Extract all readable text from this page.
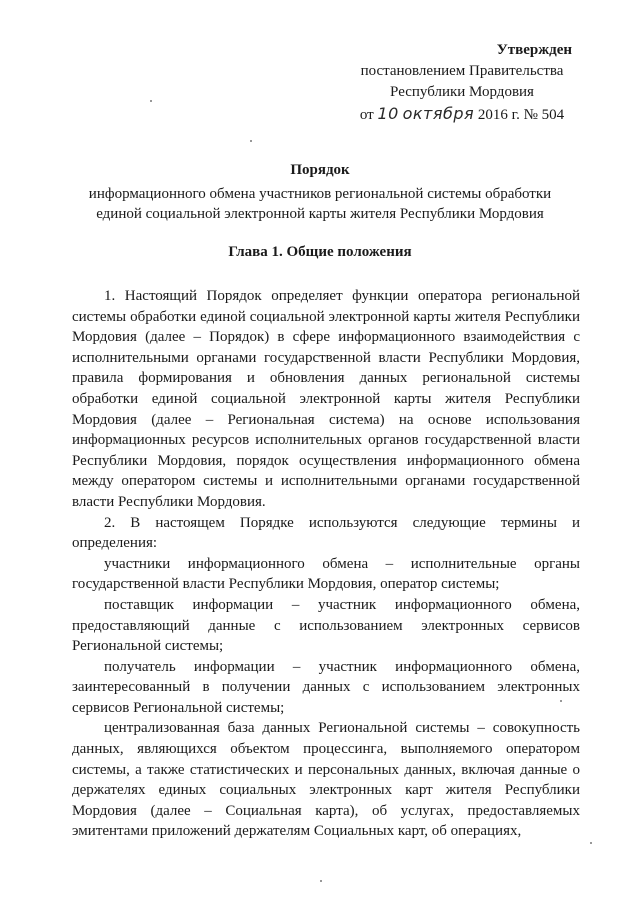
Утвержден
постановлением Правительства
Республики Мордовия
от 10 октября 2016 г. № 504
Порядок
информационного обмена участников региональной системы обработки
единой социальной электронной карты жителя Республики Мордовия
Глава 1. Общие положения

1. Настоящий Порядок определяет функции оператора региональной системы обработки единой социальной электронной карты жителя Республики Мордовия (далее – Порядок) в сфере информационного взаимодействия с исполнительными органами государственной власти Республики Мордовия, правила формирования и обновления данных региональной системы обработки единой социальной электронной карты жителя Республики Мордовия (далее – Региональная система) на основе использования информационных ресурсов исполнительных органов государственной власти Республики Мордовия, порядок осуществления информационного обмена между оператором системы и исполнительными органами государственной власти Республики Мордовия.

2. В настоящем Порядке используются следующие термины и определения:

участники информационного обмена – исполнительные органы государственной власти Республики Мордовия, оператор системы;

поставщик информации – участник информационного обмена, предоставляющий данные с использованием электронных сервисов Региональной системы;

получатель информации – участник информационного обмена, заинтересованный в получении данных с использованием электронных сервисов Региональной системы;

централизованная база данных Региональной системы – совокупность данных, являющихся объектом процессинга, выполняемого оператором системы, а также статистических и персональных данных, включая данные о держателях единых социальных электронных карт жителя Республики Мордовия (далее – Социальная карта), об услугах, предоставляемых эмитентами приложений держателям Социальных карт, об операциях,
